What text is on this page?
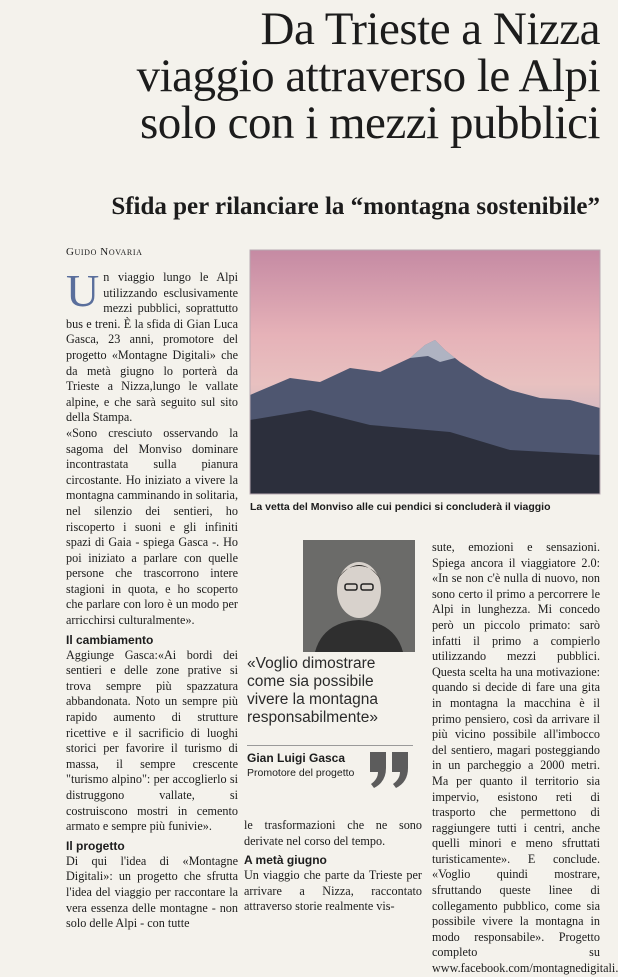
Da Trieste a Nizza
viaggio attraverso le Alpi
solo con i mezzi pubblici
Sfida per rilanciare la “montagna sostenibile”
Guido Novaria
La vetta del Monviso alle cui pendici si concluderà il viaggio

U n viaggio lungo le Alpi utilizzando esclusivamente mezzi pubblici, soprattutto bus e treni. È la sfida di Gian Luca Gasca, 23 anni, promotore del progetto «Montagne Digitali» che da metà giugno lo porterà da Trieste a Nizza,lungo le vallate alpine, e che sarà seguito sul sito della Stampa.

«Sono cresciuto osservando la sagoma del Monviso dominare incontrastata sulla pianura circostante. Ho iniziato a vivere la montagna camminando in solitaria, nel silenzio dei sentieri, ho riscoperto i suoni e gli infiniti spazi di Gaia - spiega Gasca -. Ho poi iniziato a parlare con quelle persone che trascorrono intere stagioni in quota, e ho scoperto che parlare con loro è un modo per arricchirsi culturalmente».

Il cambiamento

Aggiunge Gasca:«Ai bordi dei sentieri e delle zone prative si trova sempre più spazzatura abbandonata. Noto un sempre più rapido aumento di strutture ricettive e il sacrificio di luoghi storici per favorire il turismo di massa, il sempre crescente "turismo alpino": per accoglierlo si distruggono vallate, si costruiscono mostri in cemento armato e sempre più funivie».

Il progetto

Di qui l'idea di «Montagne Digitali»: un progetto che sfrutta l'idea del viaggio per raccontare la vera essenza delle montagne - non solo delle Alpi - con tutte

«Voglio dimostrare come sia possibile vivere la montagna responsabilmente»
Gian Luigi Gasca
Promotore del progetto

le trasformazioni che ne sono derivate nel corso del tempo.

A metà giugno

Un viaggio che parte da Trieste per arrivare a Nizza, raccontato attraverso storie realmente vis-

sute, emozioni e sensazioni. Spiega ancora il viaggiatore 2.0: «In se non c'è nulla di nuovo, non sono certo il primo a percorrere le Alpi in lunghezza. Mi concedo però un piccolo primato: sarò infatti il primo a compierlo utilizzando mezzi pubblici. Questa scelta ha una motivazione: quando si decide di fare una gita in montagna la macchina è il primo pensiero, così da arrivare il più vicino possibile all'imbocco del sentiero, magari posteggiando in un parcheggio a 2000 metri. Ma per quanto il territorio sia impervio, esistono reti di trasporto che permettono di raggiungere tutti i centri, anche quelli minori e meno sfruttati turisticamente». E conclude. «Voglio quindi mostrare, sfruttando queste linee di collegamento pubblico, come sia possibile vivere la montagna in modo responsabile». Progetto completo su www.facebook.com/montagnedigitali.
